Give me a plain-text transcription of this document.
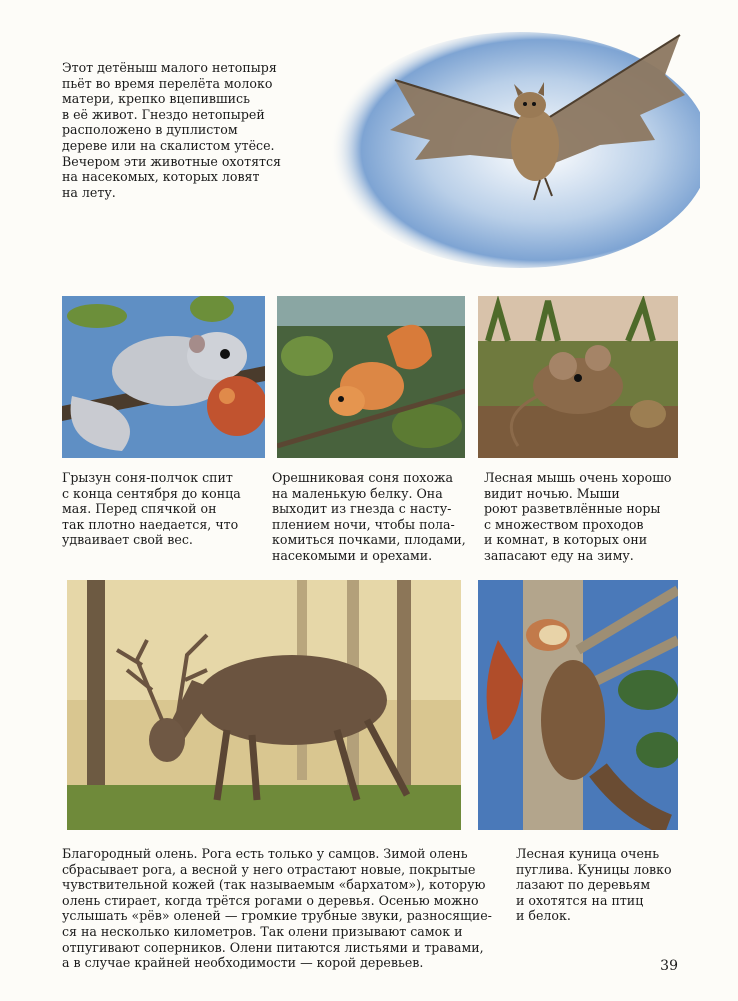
Этот детёныш малого нетопыря
пьёт во время перелёта молоко
матери, крепко вцепившись
в её живот. Гнездо нетопырей
расположено в дуплистом
дереве или на скалистом утёсе.
Вечером эти животные охотятся
на насекомых, которых ловят
на лету.
Грызун соня-полчок спит
с конца сентября до конца
мая. Перед спячкой он
так плотно наедается, что
удваивает свой вес.
Орешниковая соня похожа
на маленькую белку. Она
выходит из гнезда с насту-
плением ночи, чтобы пола-
комиться почками, плодами,
насекомыми и орехами.
Лесная мышь очень хорошо
видит ночью. Мыши
роют разветвлённые норы
с множеством проходов
и комнат, в которых они
запасают еду на зиму.
Благородный олень. Рога есть только у самцов. Зимой олень
сбрасывает рога, а весной у него отрастают новые, покрытые
чувствительной кожей (так называемым «бархатом»), которую
олень стирает, когда трётся рогами о деревья. Осенью можно
услышать «рёв» оленей — громкие трубные звуки, разносящие-
ся на несколько километров. Так олени призывают самок и
отпугивают соперников. Олени питаются листьями и травами,
а в случае крайней необходимости — корой деревьев.
Лесная куница очень
пуглива. Куницы ловко
лазают по деревьям
и охотятся на птиц
и белок.
39
